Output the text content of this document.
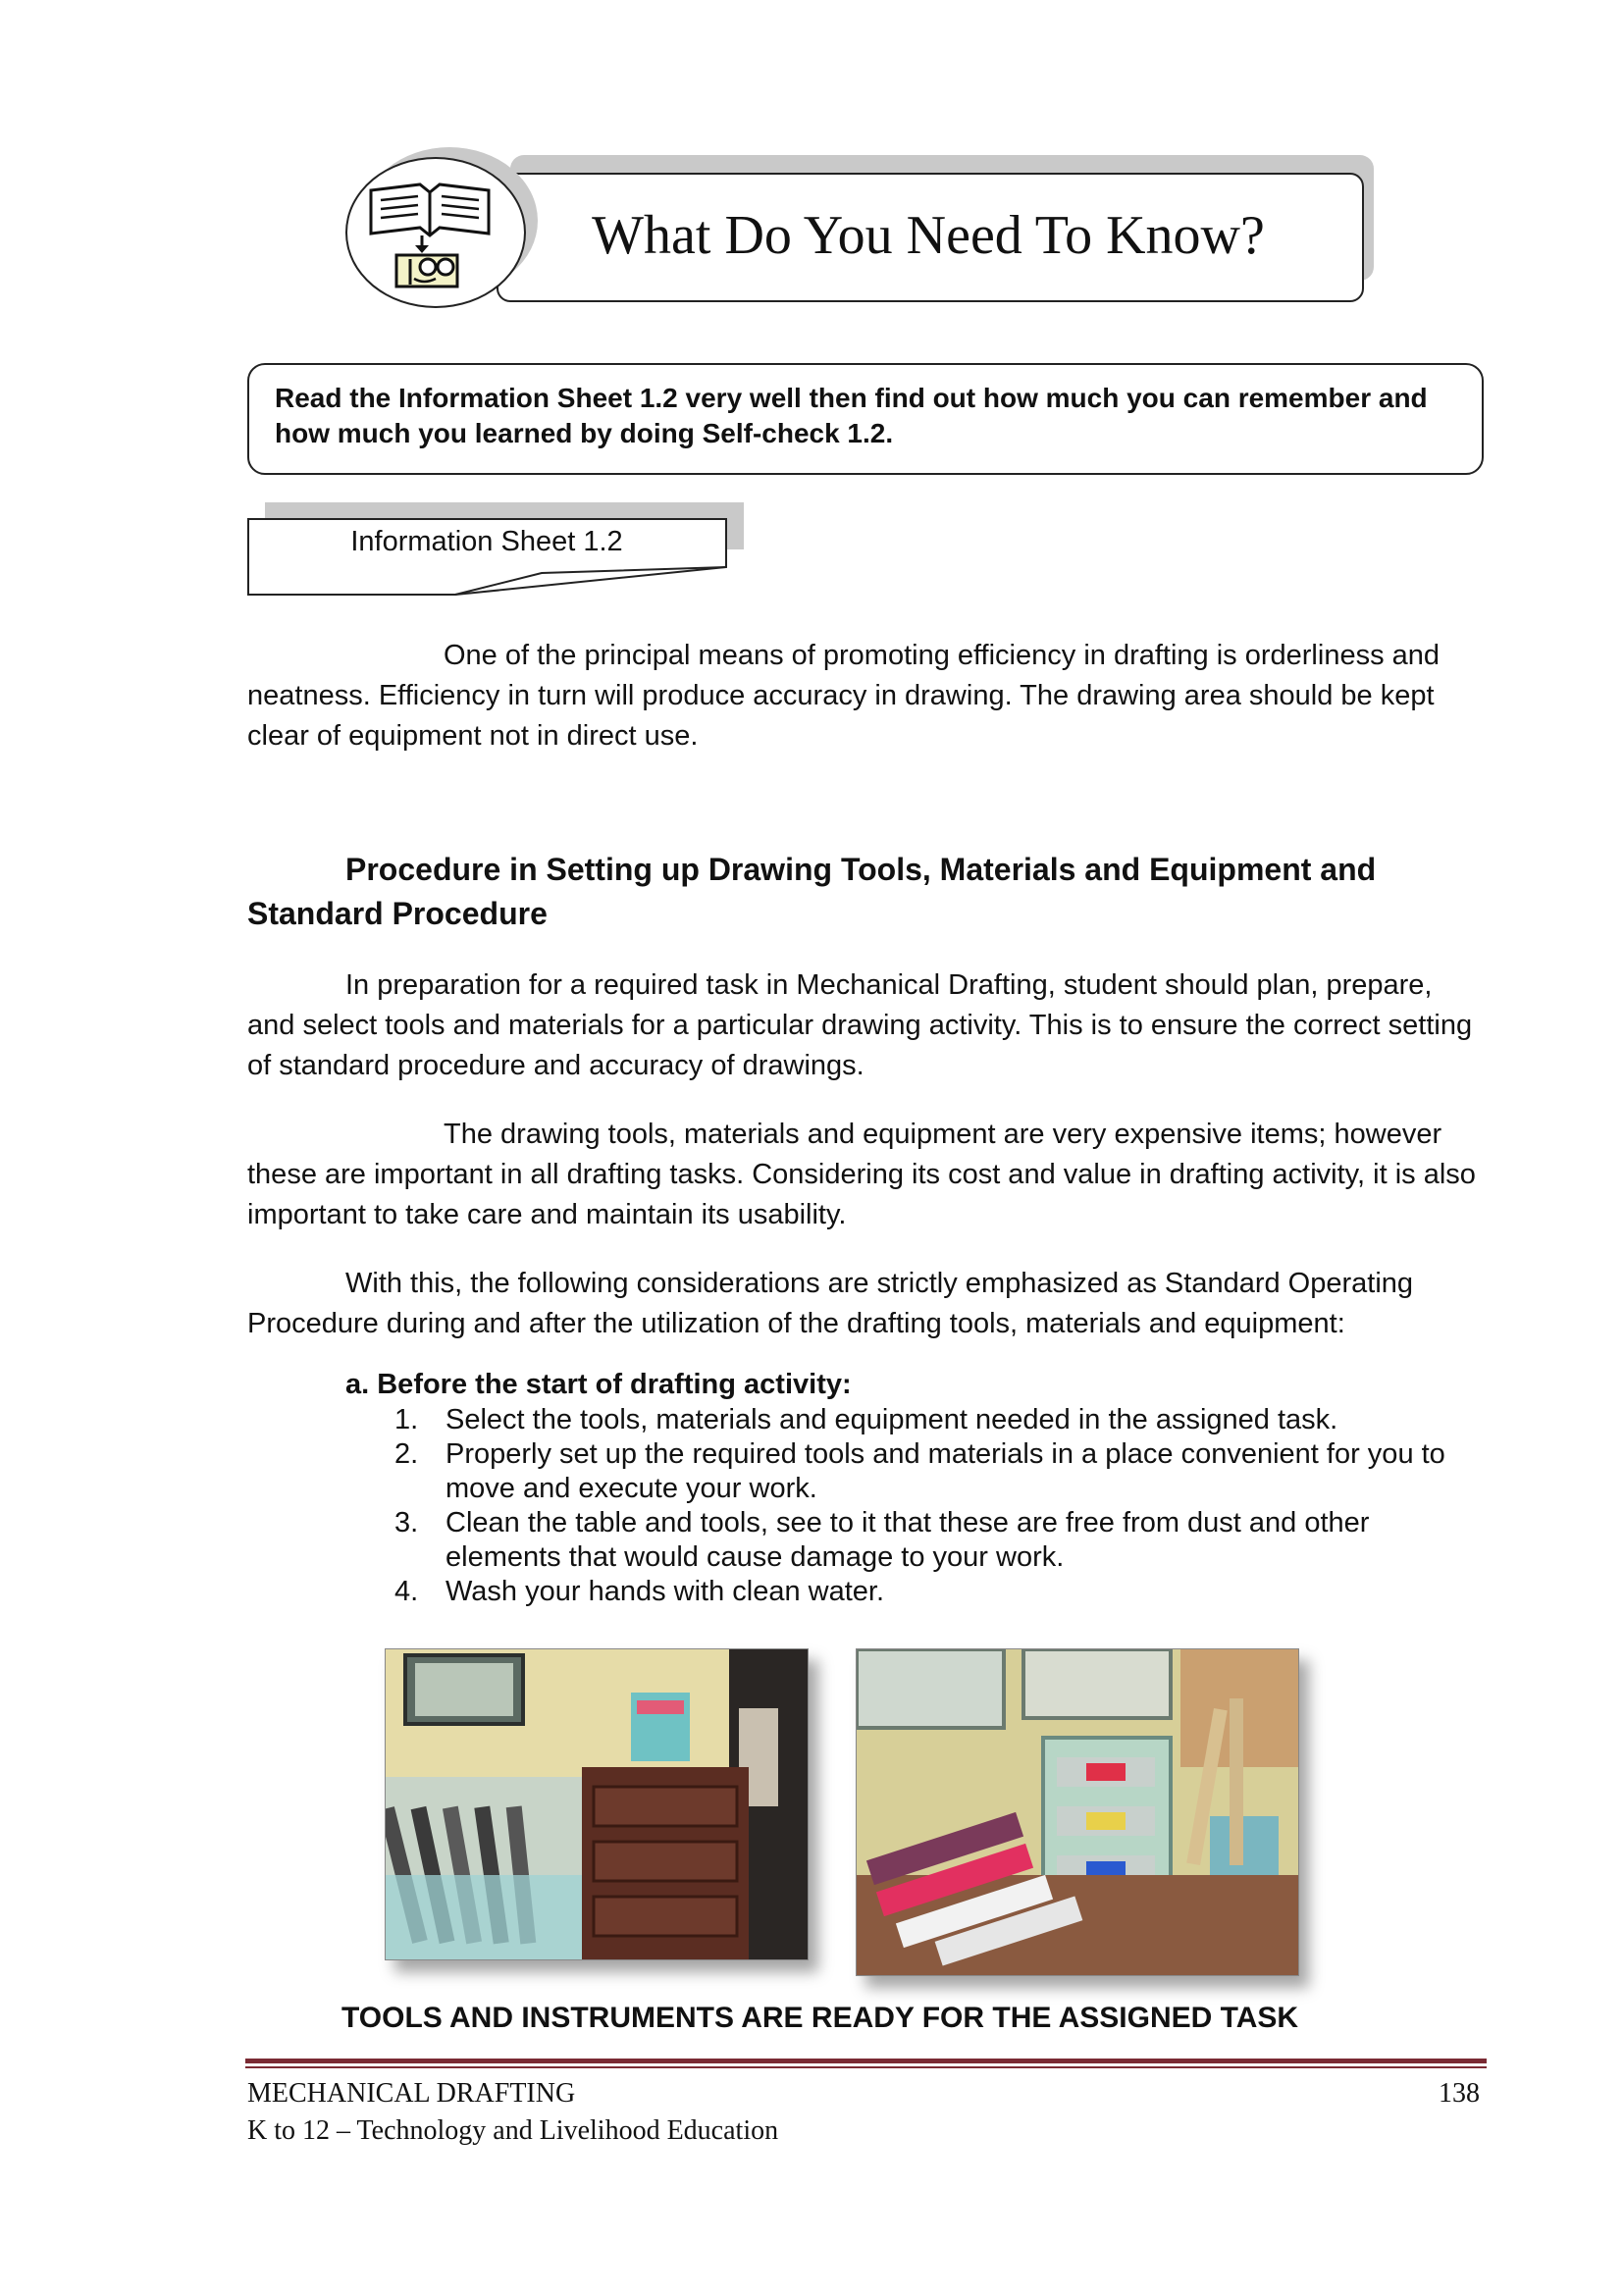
What Do You Need To Know?
Read the Information Sheet 1.2 very well then find out how much you can remember and how much you learned by doing Self-check 1.2.
Information Sheet 1.2

One of the principal means of promoting efficiency in drafting is orderliness and neatness. Efficiency in turn will produce accuracy in drawing. The drawing area should be kept clear of equipment not in direct use.

Procedure in Setting up Drawing Tools, Materials and Equipment and Standard Procedure

In preparation for a required task in Mechanical Drafting, student should plan, prepare, and select tools and materials for a particular drawing activity. This is to ensure the correct setting of standard procedure and accuracy of drawings.

The drawing tools, materials and equipment are very expensive items; however these are important in all drafting tasks. Considering its cost and value in drafting activity, it is also important to take care and maintain its usability.

With this, the following considerations are strictly emphasized as Standard Operating Procedure during and after the utilization of the drafting tools, materials and equipment:

a. Before the start of drafting activity:
1. Select the tools, materials and equipment needed in the assigned task.
2. Properly set up the required tools and materials in a place convenient for you to move and execute your work.
3. Clean the table and tools, see to it that these are free from dust and other elements that would cause damage to your work.
4. Wash your hands with clean water.
TOOLS AND INSTRUMENTS ARE READY FOR THE ASSIGNED TASK
MECHANICAL DRAFTING	138
K to 12 – Technology and Livelihood Education
